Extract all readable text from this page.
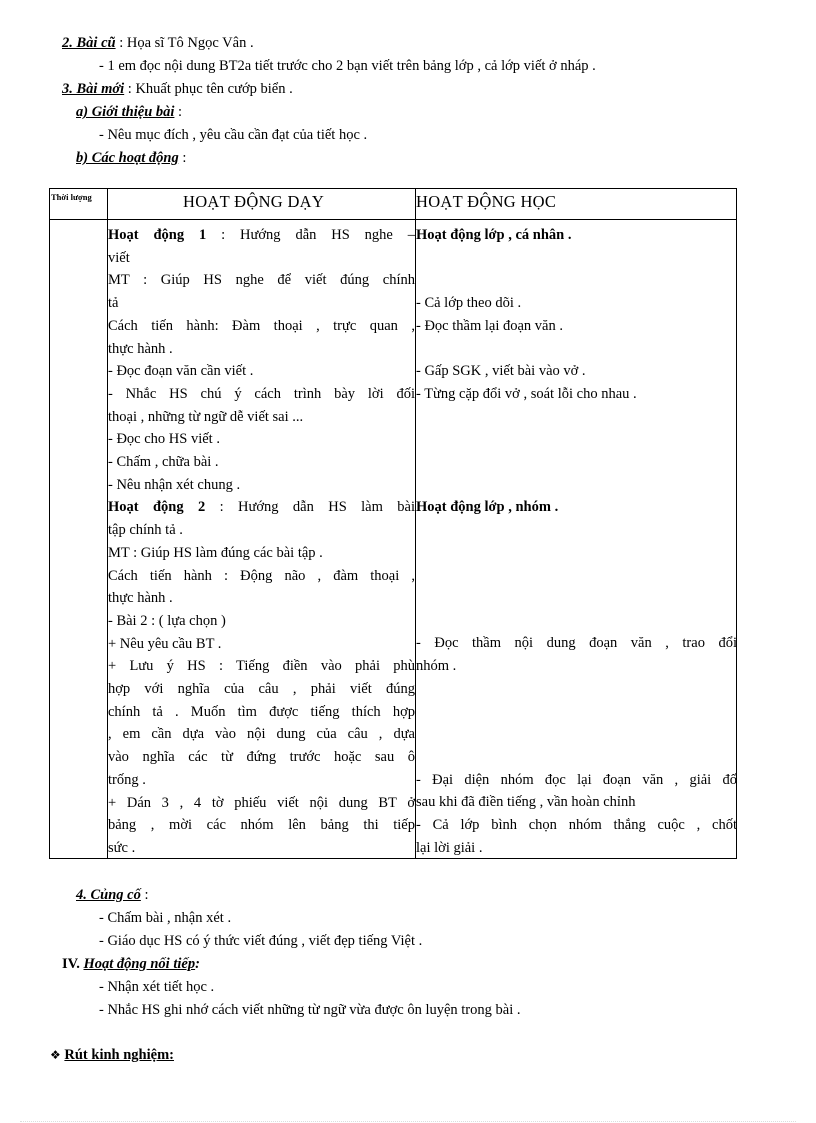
2. Bài cũ : Họa sĩ Tô Ngọc Vân .
- 1 em đọc nội dung BT2a tiết trước cho 2 bạn viết trên bảng lớp , cả lớp viết ở nháp .
3. Bài mới : Khuất phục tên cướp biển .
a) Giới thiệu bài :
- Nêu mục đích , yêu cầu cần đạt của tiết học .
b) Các hoạt động :
Thời lượng	HOẠT ĐỘNG DẠY	HOẠT ĐỘNG HỌC
Hoạt động 1 : Hướng dẫn HS nghe –
viết
MT : Giúp HS nghe để viết đúng chính
tả
Cách tiến hành: Đàm thoại , trực quan ,
thực hành .
- Đọc đoạn văn cần viết .
- Nhắc HS chú ý cách trình bày lời đối
thoại , những từ ngữ dễ viết sai ...
- Đọc cho HS viết .
- Chấm , chữa bài .
- Nêu nhận xét chung .
Hoạt động 2 : Hướng dẫn HS làm bài
tập chính tả .
MT : Giúp HS làm đúng các bài tập .
Cách tiến hành : Động não , đàm thoại ,
thực hành .
- Bài 2 : ( lựa chọn )
+ Nêu yêu cầu BT .
+ Lưu ý HS : Tiếng điền vào phải phù
hợp với nghĩa của câu , phải viết đúng
chính tả . Muốn tìm được tiếng thích hợp
, em cần dựa vào nội dung của câu , dựa
vào nghĩa các từ đứng trước hoặc sau ô
trống .
+ Dán 3 , 4 tờ phiếu viết nội dung BT ở
bảng , mời các nhóm lên bảng thi tiếp
sức .
Hoạt động lớp , cá nhân .
- Cả lớp theo dõi .
- Đọc thầm lại đoạn văn .
- Gấp SGK , viết bài vào vở .
- Từng cặp đổi vở , soát lỗi cho nhau .
Hoạt động lớp , nhóm .
- Đọc thầm nội dung đoạn văn , trao đổi
nhóm .
- Đại diện nhóm đọc lại đoạn văn , giải đố
sau khi đã điền tiếng , vần hoàn chỉnh
- Cả lớp bình chọn nhóm thắng cuộc , chốt
lại lời giải .
4. Củng cố :
- Chấm bài , nhận xét .
- Giáo dục HS có ý thức viết đúng , viết đẹp tiếng Việt .
IV. Hoạt động nối tiếp:
- Nhận xét tiết học .
- Nhắc HS ghi nhớ cách viết những từ ngữ vừa được ôn luyện trong bài .
❖ Rút kinh nghiệm:
